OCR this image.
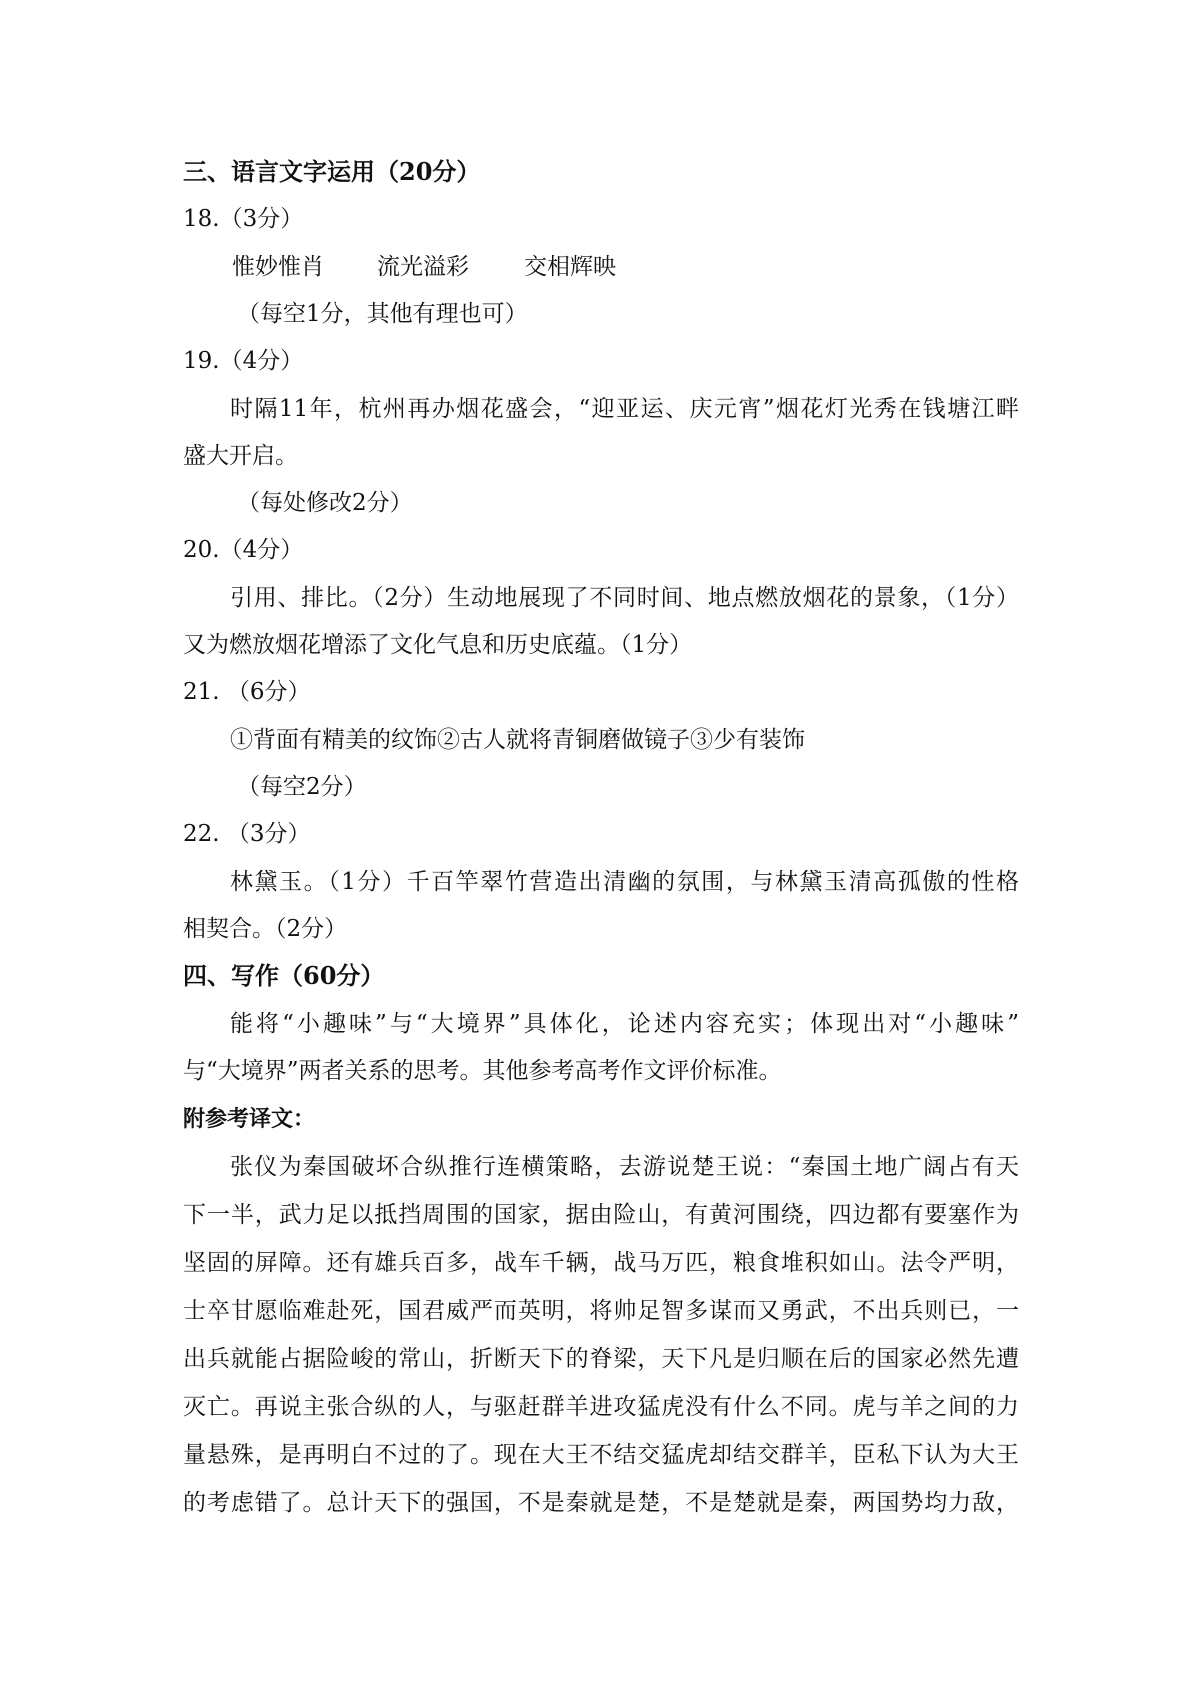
三、语言文字运用（20分）
18.（3分）
惟妙惟肖 流光溢彩 交相辉映
（每空1分，其他有理也可）
19.（4分）
时隔11年，杭州再办烟花盛会，“迎亚运、庆元宵”烟花灯光秀在钱塘江畔
盛大开启。
（每处修改2分）
20.（4分）
引用、排比。（2分）生动地展现了不同时间、地点燃放烟花的景象，（1分）
又为燃放烟花增添了文化气息和历史底蕴。（1分）
21. （6分）
①背面有精美的纹饰②古人就将青铜磨做镜子③少有装饰
（每空2分）
22. （3分）
林黛玉。（1分）千百竿翠竹营造出清幽的氛围，与林黛玉清高孤傲的性格
相契合。（2分）
四、写作（60分）
能将“小趣味”与“大境界”具体化，论述内容充实；体现出对“小趣味”
与“大境界”两者关系的思考。其他参考高考作文评价标准。
附参考译文：
张仪为秦国破坏合纵推行连横策略，去游说楚王说：“秦国土地广阔占有天
下一半，武力足以抵挡周围的国家，据由险山，有黄河围绕，四边都有要塞作为
坚固的屏障。还有雄兵百多，战车千辆，战马万匹，粮食堆积如山。法令严明，
士卒甘愿临难赴死，国君威严而英明，将帅足智多谋而又勇武，不出兵则已，一
出兵就能占据险峻的常山，折断天下的脊梁，天下凡是归顺在后的国家必然先遭
灭亡。再说主张合纵的人，与驱赶群羊进攻猛虎没有什么不同。虎与羊之间的力
量悬殊，是再明白不过的了。现在大王不结交猛虎却结交群羊，臣私下认为大王
的考虑错了。总计天下的强国，不是秦就是楚，不是楚就是秦，两国势均力敌，
